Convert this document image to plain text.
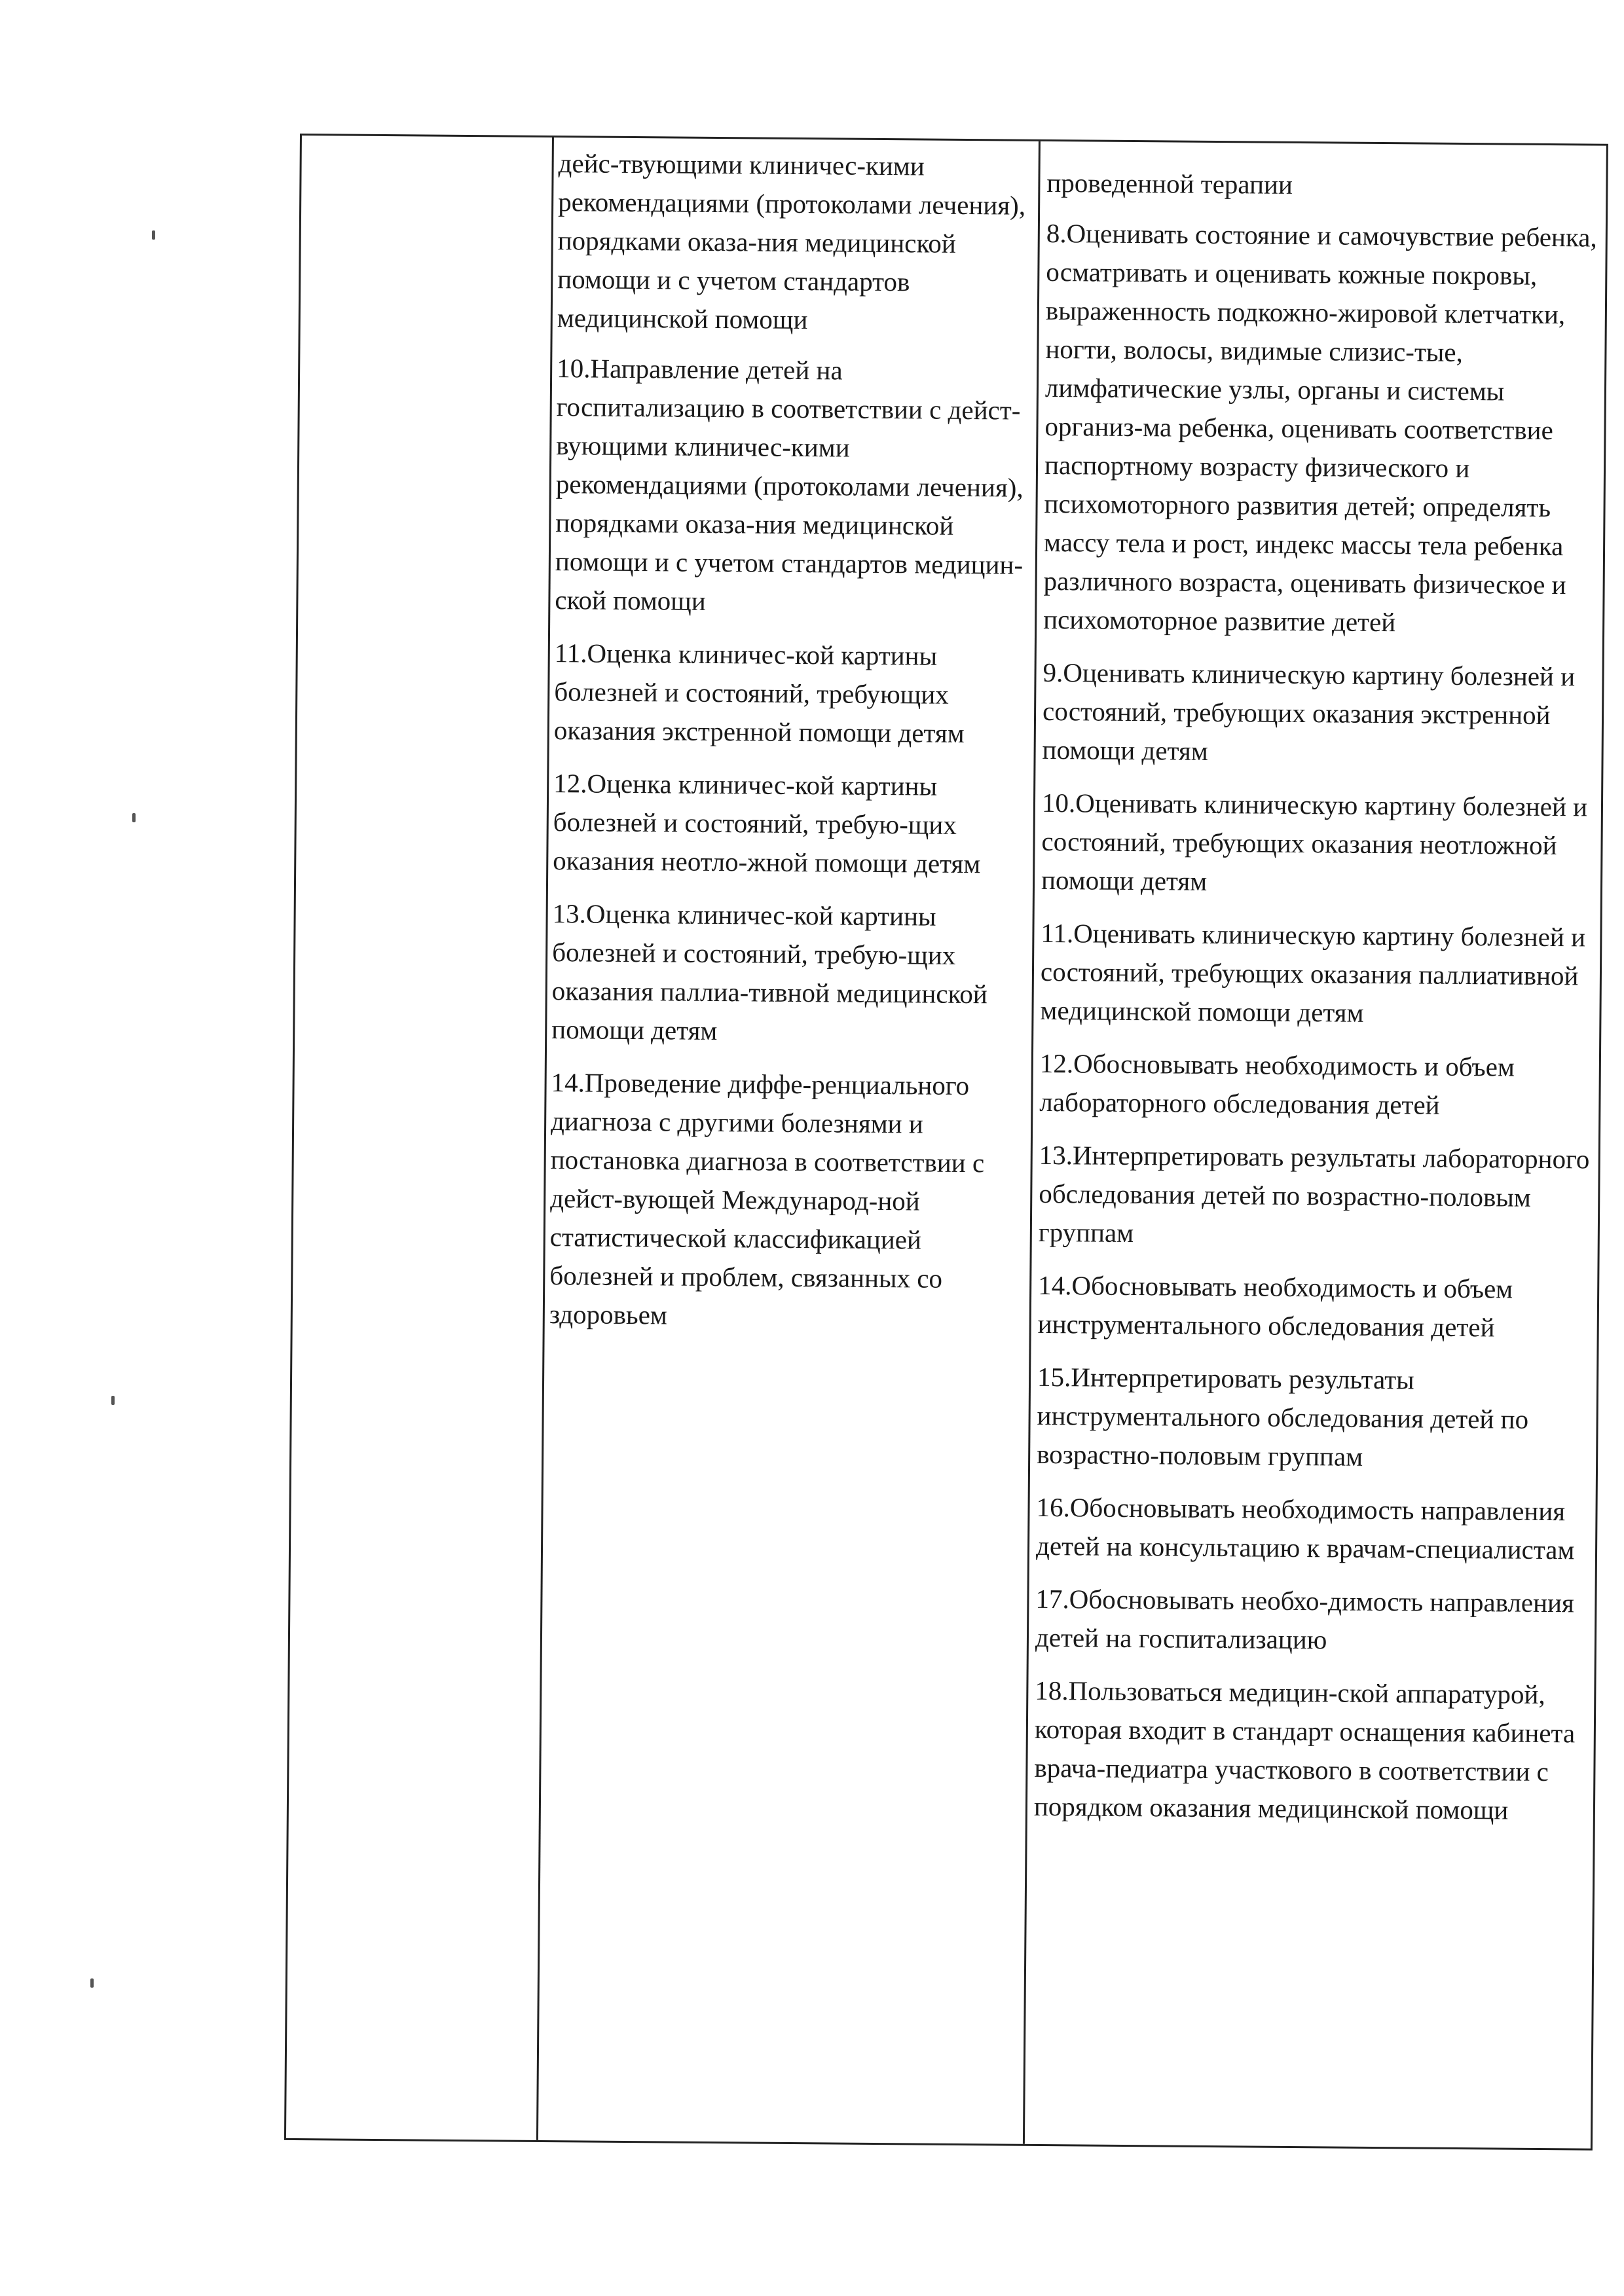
дейс-твующими клиничес-кими рекомендациями (протоколами лечения), порядками оказа-ния медицинской помощи и с учетом стандартов медицинской помощи

10.Направление детей на госпитализацию в соответствии с дейст-вующими клиничес-кими рекомендациями (протоколами лечения), порядками оказа-ния медицинской помощи и с учетом стандартов медицин-ской помощи

11.Оценка клиничес-кой картины болезней и состояний, требующих оказания экстренной помощи детям

12.Оценка клиничес-кой картины болезней и состояний, требую-щих оказания неотло-жной помощи детям

13.Оценка клиничес-кой картины болезней и состояний, требую-щих оказания паллиа-тивной медицинской помощи детям

14.Проведение диффе-ренциального диагноза с другими болезнями и постановка диагноза в соответствии с дейст-вующей Международ-ной статистической классификацией болезней и проблем, связанных со здоровьем

проведенной терапии

8.Оценивать состояние и самочувствие ребенка, осматривать и оценивать кожные покровы, выраженность подкожно-жировой клетчатки, ногти, волосы, видимые слизис-тые, лимфатические узлы, органы и системы организ-ма ребенка, оценивать соответствие паспортному возрасту физического и психомоторного развития детей; определять массу тела и рост, индекс массы тела ребенка различного возраста, оценивать физическое и психомоторное развитие детей

9.Оценивать клиническую картину болезней и состояний, требующих оказания экстренной помощи детям

10.Оценивать клиническую картину болезней и состояний, требующих оказания неотложной помощи детям

11.Оценивать клиническую картину болезней и состояний, требующих оказания паллиативной медицинской помощи детям

12.Обосновывать необходимость и объем лабораторного обследования детей

13.Интерпретировать результаты лабораторного обследования детей по возрастно-половым группам

14.Обосновывать необходимость и объем инструментального обследования детей

15.Интерпретировать результаты инструментального обследования детей по возрастно-половым группам

16.Обосновывать необходимость направления детей на консультацию к врачам-специалистам

17.Обосновывать необхо-димость направления детей на госпитализацию

18.Пользоваться медицин-ской аппаратурой, которая входит в стандарт оснащения кабинета врача-педиатра участкового в соответствии с порядком оказания медицинской помощи
